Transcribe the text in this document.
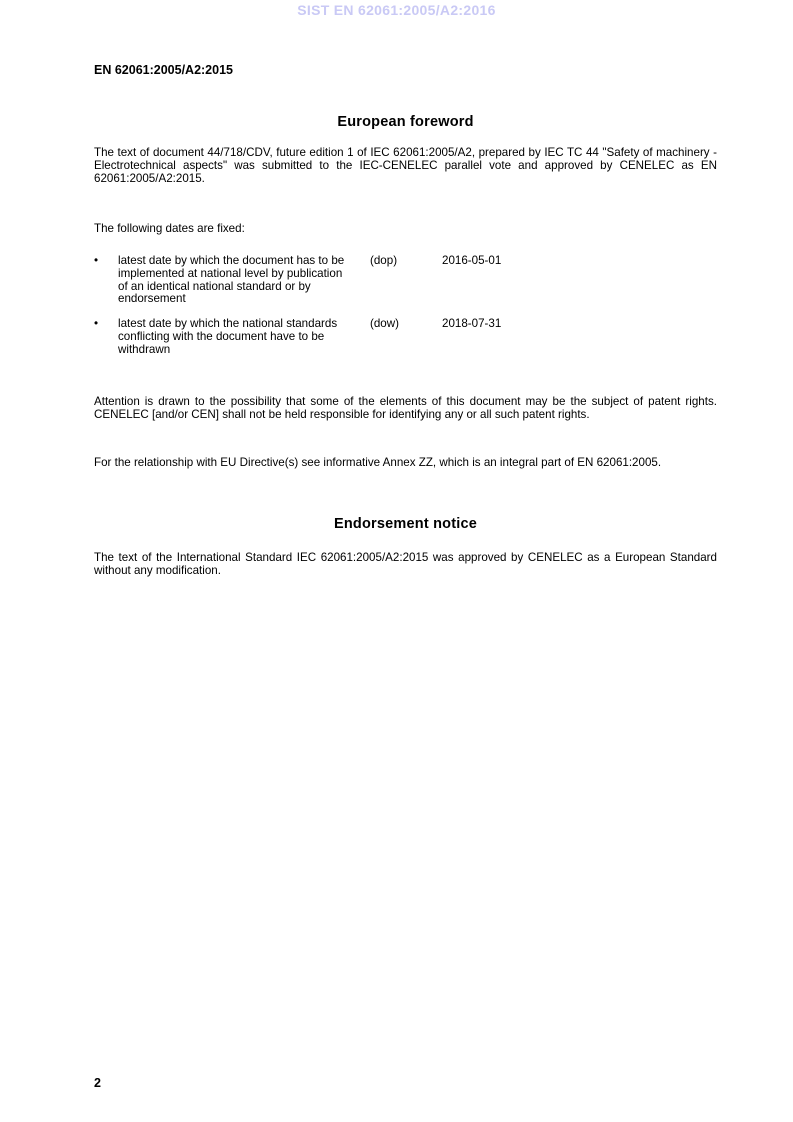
SIST EN 62061:2005/A2:2016
EN 62061:2005/A2:2015
European foreword
The text of document 44/718/CDV, future edition 1 of IEC 62061:2005/A2, prepared by IEC TC 44 "Safety of machinery - Electrotechnical aspects" was submitted to the IEC-CENELEC parallel vote and approved by CENELEC as EN 62061:2005/A2:2015.
The following dates are fixed:
• latest date by which the document has to be implemented at national level by publication of an identical national standard or by endorsement
(dop)	2016-05-01
• latest date by which the national standards conflicting with the document have to be withdrawn
(dow)	2018-07-31
Attention is drawn to the possibility that some of the elements of this document may be the subject of patent rights. CENELEC [and/or CEN] shall not be held responsible for identifying any or all such patent rights.
For the relationship with EU Directive(s) see informative Annex ZZ, which is an integral part of EN 62061:2005.
Endorsement notice
The text of the International Standard IEC 62061:2005/A2:2015 was approved by CENELEC as a European Standard without any modification.
2
